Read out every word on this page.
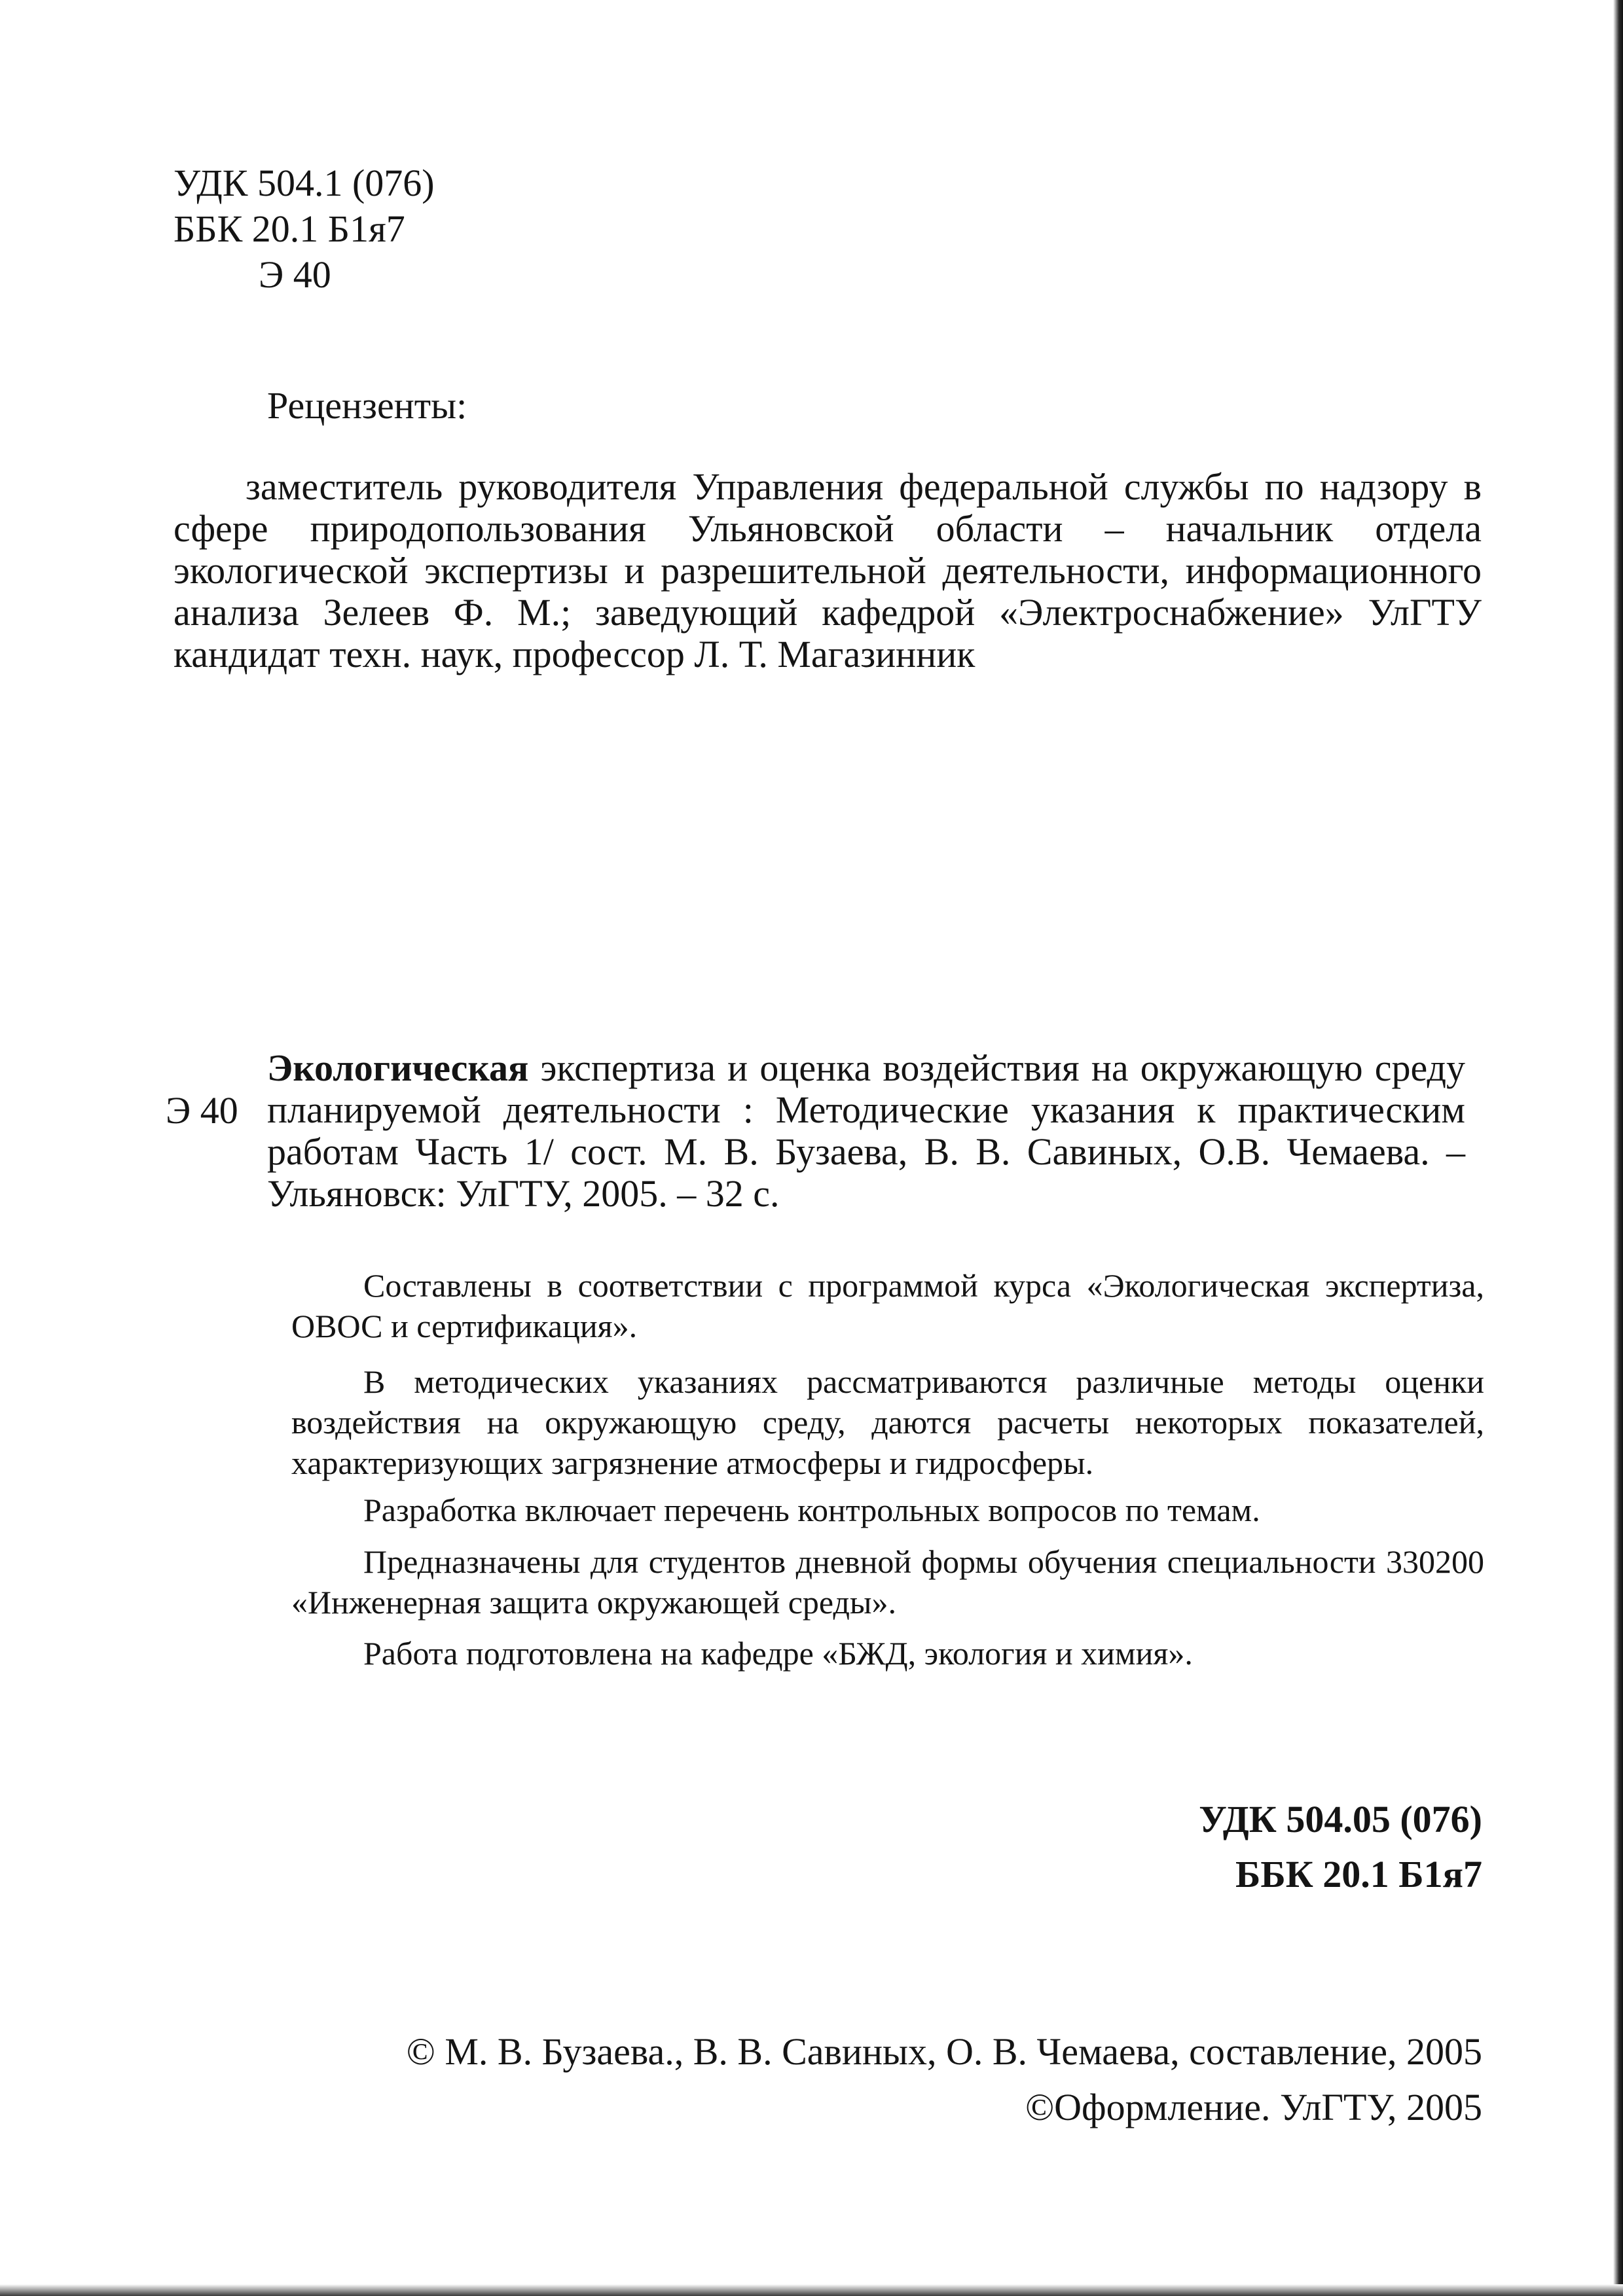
УДК 504.1 (076)
ББК 20.1 Б1я7
Э 40
Рецензенты:
заместитель руководителя Управления федеральной службы по надзору в сфере природопользования Ульяновской области – начальник отдела экологической экспертизы и разрешительной деятельности, информационного анализа Зелеев Ф. М.; заведующий кафедрой «Электроснабжение» УлГТУ кандидат техн. наук, профессор Л. Т. Магазинник
Э 40
Экологическая экспертиза и оценка воздействия на окружающую среду планируемой деятельности : Методические указания к практическим работам Часть 1/ сост. М. В. Бузаева, В. В. Савиных, О.В. Чемаева. – Ульяновск: УлГТУ, 2005. – 32 с.
Составлены в соответствии с программой курса «Экологическая экспертиза, ОВОС и сертификация».
В методических указаниях рассматриваются различные методы оценки воздействия на окружающую среду, даются расчеты некоторых показателей, характеризующих загрязнение атмосферы и гидросферы.
Разработка включает перечень контрольных вопросов по темам.
Предназначены для студентов дневной формы обучения специальности 330200 «Инженерная защита окружающей среды».
Работа подготовлена на кафедре «БЖД, экология и химия».
УДК 504.05 (076)
ББК 20.1 Б1я7
© М. В. Бузаева., В. В. Савиных, О. В. Чемаева, составление, 2005
©Оформление. УлГТУ, 2005
